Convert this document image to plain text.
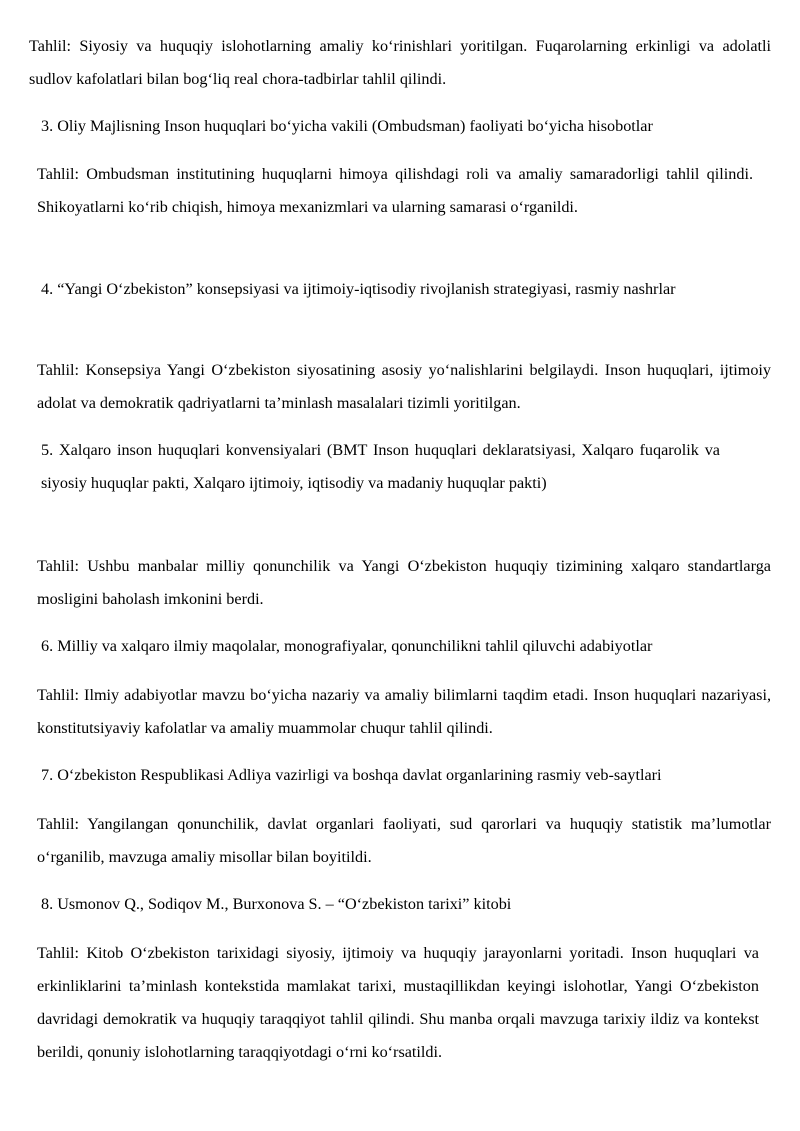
Tahlil: Siyosiy va huquqiy islohotlarning amaliy ko‘rinishlari yoritilgan. Fuqarolarning erkinligi va adolatli sudlov kafolatlari bilan bog‘liq real chora-tadbirlar tahlil qilindi.

3. Oliy Majlisning Inson huquqlari bo‘yicha vakili (Ombudsman) faoliyati bo‘yicha hisobotlar

Tahlil: Ombudsman institutining huquqlarni himoya qilishdagi roli va amaliy samaradorligi tahlil qilindi. Shikoyatlarni ko‘rib chiqish, himoya mexanizmlari va ularning samarasi o‘rganildi.

4. “Yangi O‘zbekiston” konsepsiyasi va ijtimoiy-iqtisodiy rivojlanish strategiyasi, rasmiy nashrlar

Tahlil: Konsepsiya Yangi O‘zbekiston siyosatining asosiy yo‘nalishlarini belgilaydi. Inson huquqlari, ijtimoiy adolat va demokratik qadriyatlarni ta’minlash masalalari tizimli yoritilgan.

5. Xalqaro inson huquqlari konvensiyalari (BMT Inson huquqlari deklaratsiyasi, Xalqaro fuqarolik va siyosiy huquqlar pakti, Xalqaro ijtimoiy, iqtisodiy va madaniy huquqlar pakti)

Tahlil: Ushbu manbalar milliy qonunchilik va Yangi O‘zbekiston huquqiy tizimining xalqaro standartlarga mosligini baholash imkonini berdi.

6. Milliy va xalqaro ilmiy maqolalar, monografiyalar, qonunchilikni tahlil qiluvchi adabiyotlar

Tahlil: Ilmiy adabiyotlar mavzu bo‘yicha nazariy va amaliy bilimlarni taqdim etadi. Inson huquqlari nazariyasi, konstitutsiyaviy kafolatlar va amaliy muammolar chuqur tahlil qilindi.

7. O‘zbekiston Respublikasi Adliya vazirligi va boshqa davlat organlarining rasmiy veb-saytlari

Tahlil: Yangilangan qonunchilik, davlat organlari faoliyati, sud qarorlari va huquqiy statistik ma’lumotlar o‘rganilib, mavzuga amaliy misollar bilan boyitildi.

8. Usmonov Q., Sodiqov M., Burxonova S. – “O‘zbekiston tarixi” kitobi

Tahlil: Kitob O‘zbekiston tarixidagi siyosiy, ijtimoiy va huquqiy jarayonlarni yoritadi. Inson huquqlari va erkinliklarini ta’minlash kontekstida mamlakat tarixi, mustaqillikdan keyingi islohotlar, Yangi O‘zbekiston davridagi demokratik va huquqiy taraqqiyot tahlil qilindi. Shu manba orqali mavzuga tarixiy ildiz va kontekst berildi, qonuniy islohotlarning taraqqiyotdagi o‘rni ko‘rsatildi.
